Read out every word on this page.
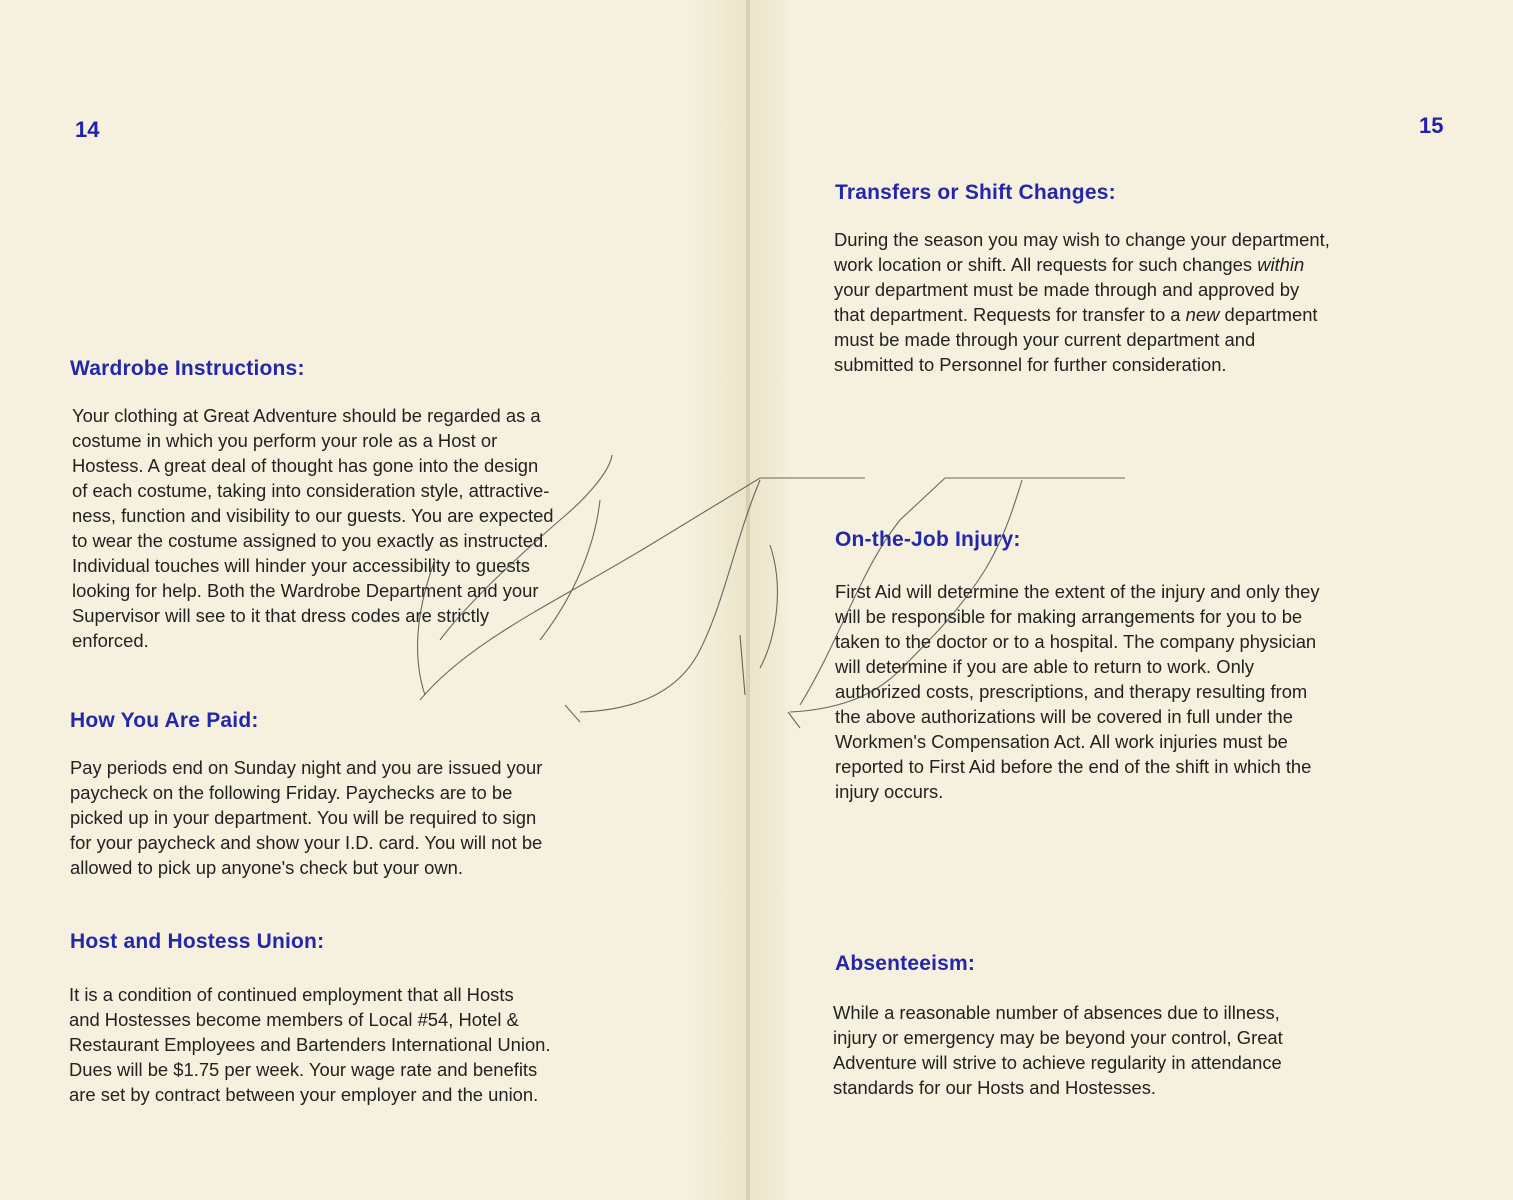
14

Wardrobe Instructions:
Your clothing at Great Adventure should be regarded as a
costume in which you perform your role as a Host or
Hostess. A great deal of thought has gone into the design
of each costume, taking into consideration style, attractive-
ness, function and visibility to our guests. You are expected
to wear the costume assigned to you exactly as instructed.
Individual touches will hinder your accessibility to guests
looking for help. Both the Wardrobe Department and your
Supervisor will see to it that dress codes are strictly
enforced.
How You Are Paid:
Pay periods end on Sunday night and you are issued your
paycheck on the following Friday. Paychecks are to be
picked up in your department. You will be required to sign
for your paycheck and show your I.D. card. You will not be
allowed to pick up anyone's check but your own.
Host and Hostess Union:
It is a condition of continued employment that all Hosts
and Hostesses become members of Local #54, Hotel &
Restaurant Employees and Bartenders International Union.
Dues will be $1.75 per week. Your wage rate and benefits
are set by contract between your employer and the union.

15

Transfers or Shift Changes:
During the season you may wish to change your department,
work location or shift. All requests for such changes within
your department must be made through and approved by
that department. Requests for transfer to a new department
must be made through your current department and
submitted to Personnel for further consideration.
On-the-Job Injury:
First Aid will determine the extent of the injury and only they
will be responsible for making arrangements for you to be
taken to the doctor or to a hospital. The company physician
will determine if you are able to return to work. Only
authorized costs, prescriptions, and therapy resulting from
the above authorizations will be covered in full under the
Workmen's Compensation Act. All work injuries must be
reported to First Aid before the end of the shift in which the
injury occurs.
Absenteeism:
While a reasonable number of absences due to illness,
injury or emergency may be beyond your control, Great
Adventure will strive to achieve regularity in attendance
standards for our Hosts and Hostesses.
